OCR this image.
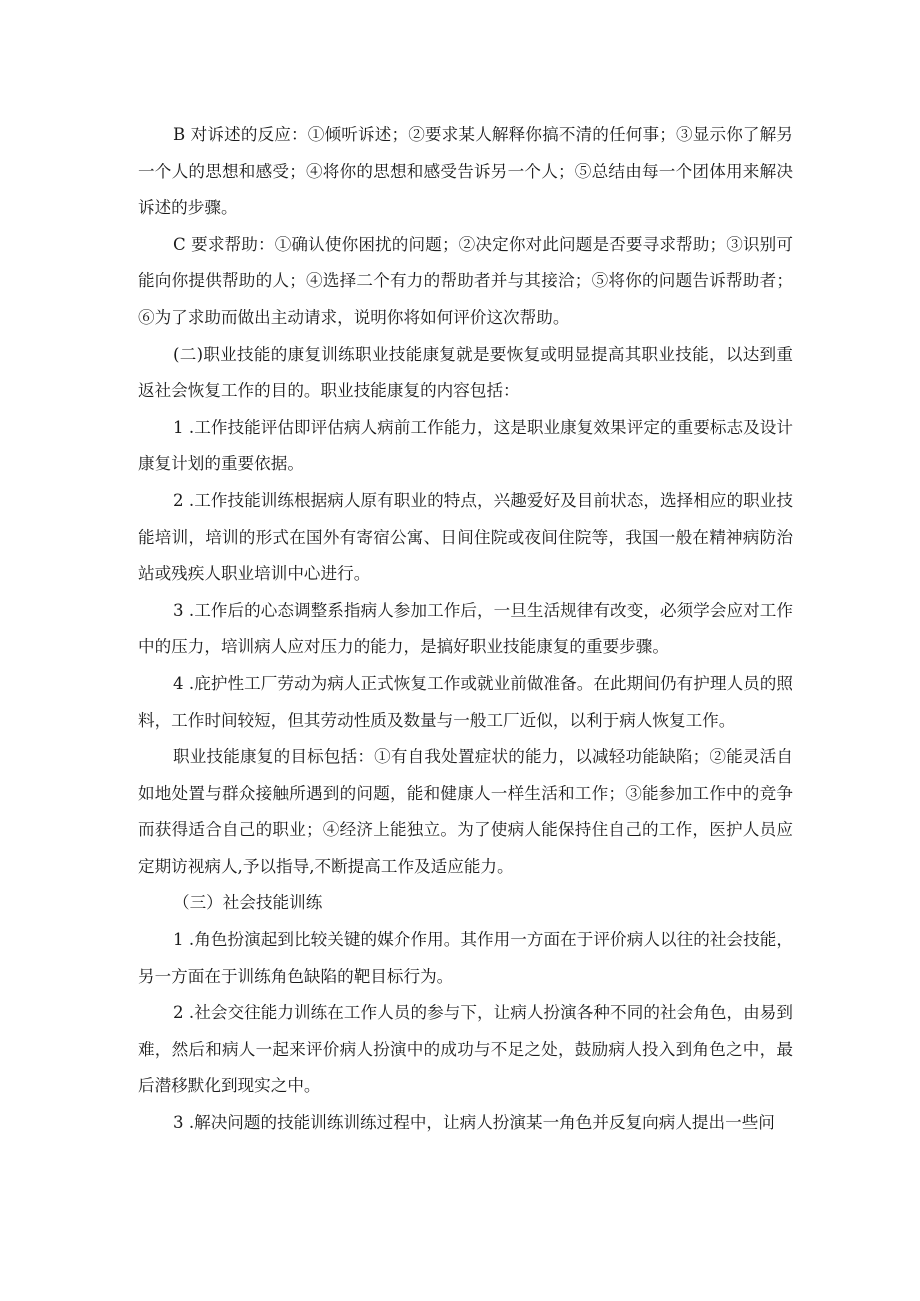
B 对诉述的反应：①倾听诉述；②要求某人解释你搞不清的任何事；③显示你了解另一个人的思想和感受；④将你的思想和感受告诉另一个人；⑤总结由每一个团体用来解决诉述的步骤。

C 要求帮助：①确认使你困扰的问题；②决定你对此问题是否要寻求帮助；③识别可能向你提供帮助的人；④选择二个有力的帮助者并与其接洽；⑤将你的问题告诉帮助者；⑥为了求助而做出主动请求，说明你将如何评价这次帮助。

(二)职业技能的康复训练职业技能康复就是要恢复或明显提高其职业技能，以达到重返社会恢复工作的目的。职业技能康复的内容包括：

1 .工作技能评估即评估病人病前工作能力，这是职业康复效果评定的重要标志及设计康复计划的重要依据。

2 .工作技能训练根据病人原有职业的特点，兴趣爱好及目前状态，选择相应的职业技能培训，培训的形式在国外有寄宿公寓、日间住院或夜间住院等，我国一般在精神病防治站或残疾人职业培训中心进行。

3 .工作后的心态调整系指病人参加工作后，一旦生活规律有改变，必须学会应对工作中的压力，培训病人应对压力的能力，是搞好职业技能康复的重要步骤。

4 .庇护性工厂劳动为病人正式恢复工作或就业前做准备。在此期间仍有护理人员的照料，工作时间较短，但其劳动性质及数量与一般工厂近似，以利于病人恢复工作。

职业技能康复的目标包括：①有自我处置症状的能力，以减轻功能缺陷；②能灵活自如地处置与群众接触所遇到的问题，能和健康人一样生活和工作；③能参加工作中的竞争而获得适合自己的职业；④经济上能独立。为了使病人能保持住自己的工作，医护人员应定期访视病人,予以指导,不断提高工作及适应能力。

（三）社会技能训练

1 .角色扮演起到比较关键的媒介作用。其作用一方面在于评价病人以往的社会技能，另一方面在于训练角色缺陷的靶目标行为。

2 .社会交往能力训练在工作人员的参与下，让病人扮演各种不同的社会角色，由易到难，然后和病人一起来评价病人扮演中的成功与不足之处，鼓励病人投入到角色之中，最后潜移默化到现实之中。

3 .解决问题的技能训练训练过程中，让病人扮演某一角色并反复向病人提出一些问
